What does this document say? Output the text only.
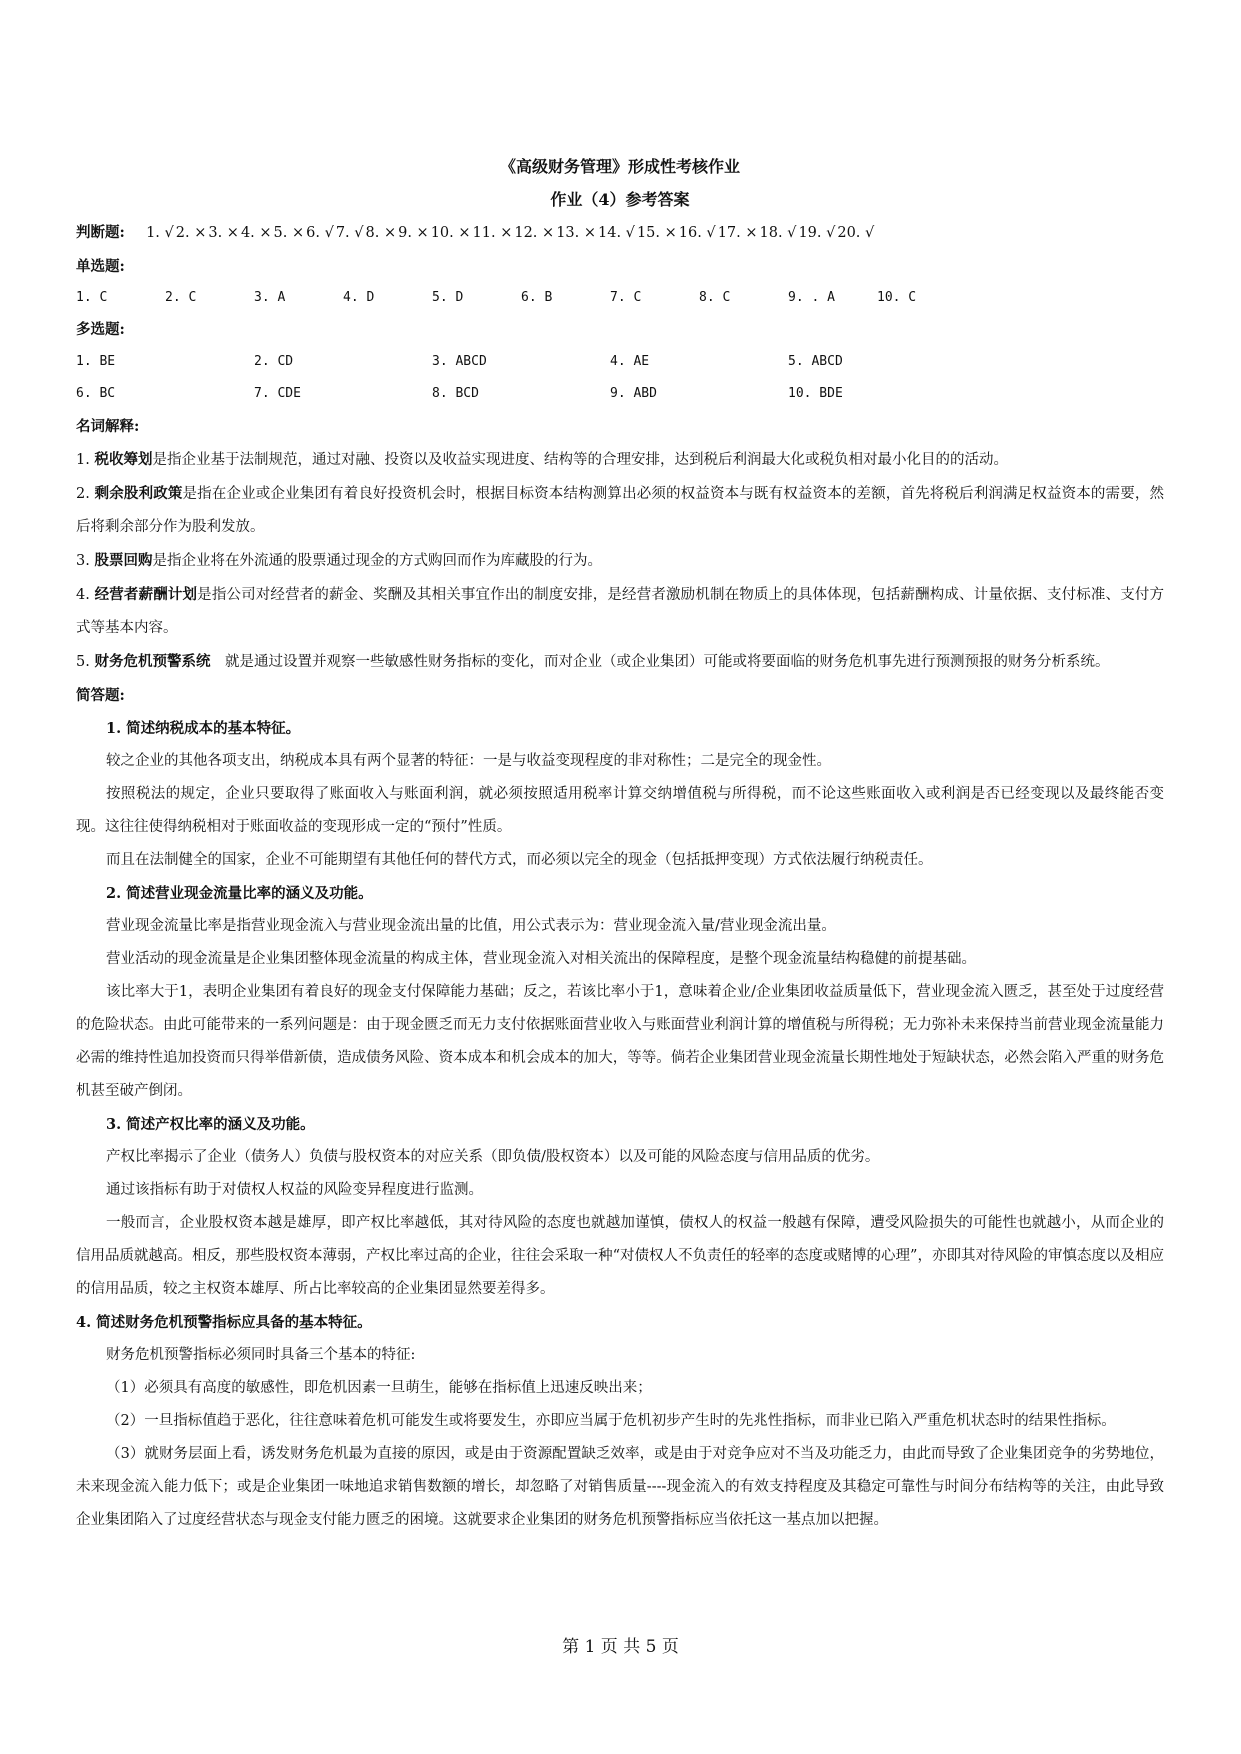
《高级财务管理》形成性考核作业
作业（4）参考答案
判断题: 1. √ 2. × 3. × 4. × 5. × 6. √ 7. √ 8. × 9. × 10. × 11. × 12. × 13. × 14. √ 15. × 16. √ 17. × 18. √ 19. √ 20. √
单选题:
1. C	2. C	3. A	4. D	5. D	6. B	7. C	8. C	9. . A	10. C
多选题:
1. BE	2. CD	3. ABCD	4. AE	5. ABCD
6. BC	7. CDE	8. BCD	9. ABD	10. BDE
名词解释:
1. 税收筹划是指企业基于法制规范，通过对融、投资以及收益实现进度、结构等的合理安排，达到税后利润最大化或税负相对最小化目的的活动。
2. 剩余股利政策是指在企业或企业集团有着良好投资机会时，根据目标资本结构测算出必须的权益资本与既有权益资本的差额，首先将税后利润满足权益资本的需要，然后将剩余部分作为股利发放。
3. 股票回购是指企业将在外流通的股票通过现金的方式购回而作为库藏股的行为。
4. 经营者薪酬计划是指公司对经营者的薪金、奖酬及其相关事宜作出的制度安排，是经营者激励机制在物质上的具体体现，包括薪酬构成、计量依据、支付标准、支付方式等基本内容。
5. 财务危机预警系统　就是通过设置并观察一些敏感性财务指标的变化，而对企业（或企业集团）可能或将要面临的财务危机事先进行预测预报的财务分析系统。
简答题:
1. 简述纳税成本的基本特征。
较之企业的其他各项支出，纳税成本具有两个显著的特征：一是与收益变现程度的非对称性；二是完全的现金性。
按照税法的规定，企业只要取得了账面收入与账面利润，就必须按照适用税率计算交纳增值税与所得税，而不论这些账面收入或利润是否已经变现以及最终能否变现。这往往使得纳税相对于账面收益的变现形成一定的“预付”性质。
而且在法制健全的国家，企业不可能期望有其他任何的替代方式，而必须以完全的现金（包括抵押变现）方式依法履行纳税责任。
2. 简述营业现金流量比率的涵义及功能。
营业现金流量比率是指营业现金流入与营业现金流出量的比值，用公式表示为：营业现金流入量/营业现金流出量。
营业活动的现金流量是企业集团整体现金流量的构成主体，营业现金流入对相关流出的保障程度，是整个现金流量结构稳健的前提基础。
该比率大于1，表明企业集团有着良好的现金支付保障能力基础；反之，若该比率小于1，意味着企业/企业集团收益质量低下，营业现金流入匮乏，甚至处于过度经营的危险状态。由此可能带来的一系列问题是：由于现金匮乏而无力支付依据账面营业收入与账面营业利润计算的增值税与所得税；无力弥补未来保持当前营业现金流量能力必需的维持性追加投资而只得举借新债，造成债务风险、资本成本和机会成本的加大，等等。倘若企业集团营业现金流量长期性地处于短缺状态，必然会陷入严重的财务危机甚至破产倒闭。
3. 简述产权比率的涵义及功能。
产权比率揭示了企业（债务人）负债与股权资本的对应关系（即负债/股权资本）以及可能的风险态度与信用品质的优劣。
通过该指标有助于对债权人权益的风险变异程度进行监测。
一般而言，企业股权资本越是雄厚，即产权比率越低，其对待风险的态度也就越加谨慎，债权人的权益一般越有保障，遭受风险损失的可能性也就越小，从而企业的信用品质就越高。相反，那些股权资本薄弱，产权比率过高的企业，往往会采取一种“对债权人不负责任的轻率的态度或赌博的心理”，亦即其对待风险的审慎态度以及相应的信用品质，较之主权资本雄厚、所占比率较高的企业集团显然要差得多。
4. 简述财务危机预警指标应具备的基本特征。
财务危机预警指标必须同时具备三个基本的特征:
（1）必须具有高度的敏感性，即危机因素一旦萌生，能够在指标值上迅速反映出来；
（2）一旦指标值趋于恶化，往往意味着危机可能发生或将要发生，亦即应当属于危机初步产生时的先兆性指标，而非业已陷入严重危机状态时的结果性指标。
（3）就财务层面上看，诱发财务危机最为直接的原因，或是由于资源配置缺乏效率，或是由于对竞争应对不当及功能乏力，由此而导致了企业集团竞争的劣势地位，未来现金流入能力低下；或是企业集团一味地追求销售数额的增长，却忽略了对销售质量----现金流入的有效支持程度及其稳定可靠性与时间分布结构等的关注，由此导致企业集团陷入了过度经营状态与现金支付能力匮乏的困境。这就要求企业集团的财务危机预警指标应当依托这一基点加以把握。
第 1 页 共 5 页
